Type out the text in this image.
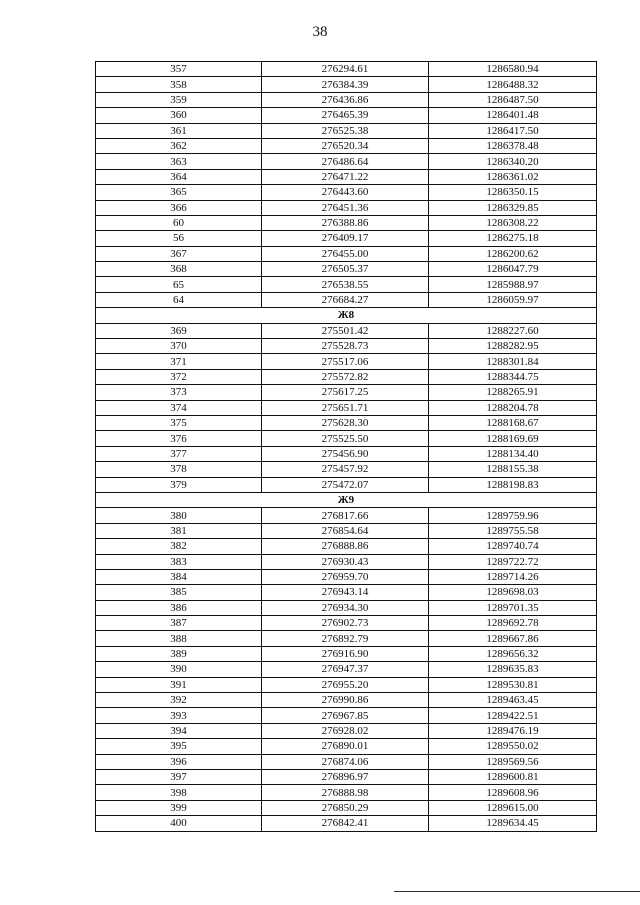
38
357	276294.61	1286580.94
358	276384.39	1286488.32
359	276436.86	1286487.50
360	276465.39	1286401.48
361	276525.38	1286417.50
362	276520.34	1286378.48
363	276486.64	1286340.20
364	276471.22	1286361.02
365	276443.60	1286350.15
366	276451.36	1286329.85
60	276388.86	1286308.22
56	276409.17	1286275.18
367	276455.00	1286200.62
368	276505.37	1286047.79
65	276538.55	1285988.97
64	276684.27	1286059.97
Ж8		
369	275501.42	1288227.60
370	275528.73	1288282.95
371	275517.06	1288301.84
372	275572.82	1288344.75
373	275617.25	1288265.91
374	275651.71	1288204.78
375	275628.30	1288168.67
376	275525.50	1288169.69
377	275456.90	1288134.40
378	275457.92	1288155.38
379	275472.07	1288198.83
Ж9		
380	276817.66	1289759.96
381	276854.64	1289755.58
382	276888.86	1289740.74
383	276930.43	1289722.72
384	276959.70	1289714.26
385	276943.14	1289698.03
386	276934.30	1289701.35
387	276902.73	1289692.78
388	276892.79	1289667.86
389	276916.90	1289656.32
390	276947.37	1289635.83
391	276955.20	1289530.81
392	276990.86	1289463.45
393	276967.85	1289422.51
394	276928.02	1289476.19
395	276890.01	1289550.02
396	276874.06	1289569.56
397	276896.97	1289600.81
398	276888.98	1289608.96
399	276850.29	1289615.00
400	276842.41	1289634.45
